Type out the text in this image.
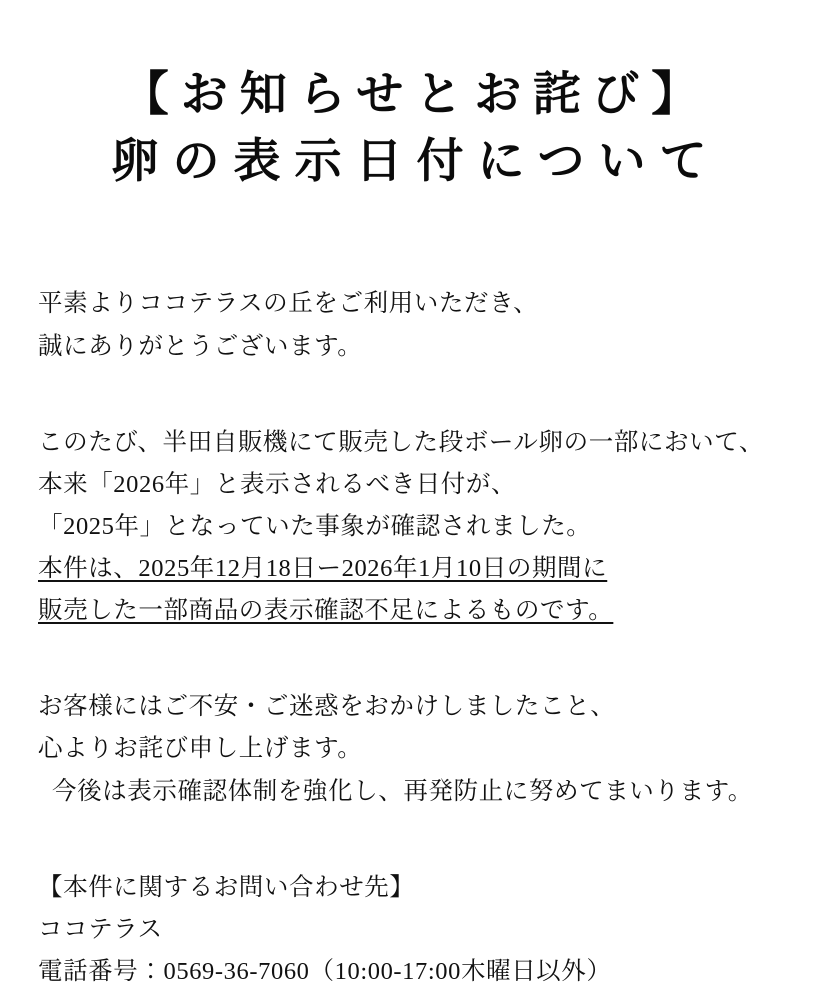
【お知らせとお詫び】
卵の表示日付について
平素よりココテラスの丘をご利用いただき、
誠にありがとうございます。
このたび、半田自販機にて販売した段ボール卵の一部において、
本来「2026年」と表示されるべき日付が、
「2025年」となっていた事象が確認されました。
本件は、2025年12月18日ー2026年1月10日の期間に
販売した一部商品の表示確認不足によるものです。
お客様にはご不安・ご迷惑をおかけしましたこと、
心よりお詫び申し上げます。
今後は表示確認体制を強化し、再発防止に努めてまいります。
【本件に関するお問い合わせ先】
ココテラス
電話番号：0569-36-7060（10:00-17:00木曜日以外）
